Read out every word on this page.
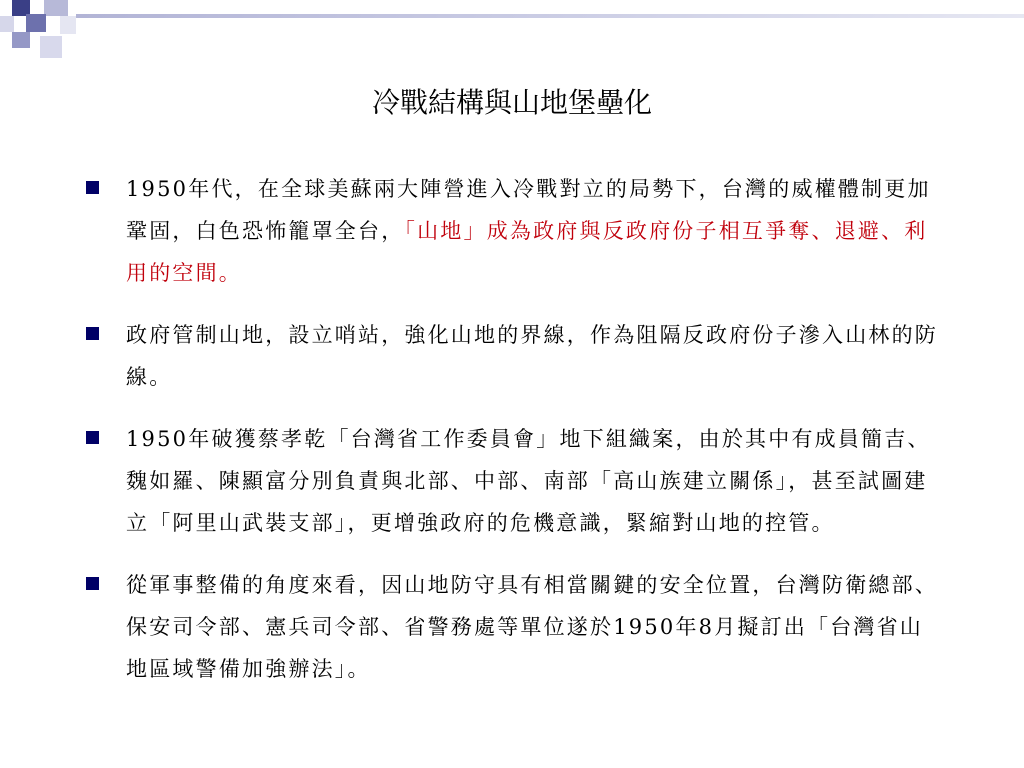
冷戰結構與山地堡壘化
1950年代，在全球美蘇兩大陣營進入冷戰對立的局勢下，台灣的威權體制更加鞏固，白色恐怖籠罩全台，「山地」成為政府與反政府份子相互爭奪、退避、利用的空間。
政府管制山地，設立哨站，強化山地的界線，作為阻隔反政府份子滲入山林的防線。
1950年破獲蔡孝乾「台灣省工作委員會」地下組織案，由於其中有成員簡吉、魏如羅、陳顯富分別負責與北部、中部、南部「高山族建立關係」，甚至試圖建立「阿里山武裝支部」，更增強政府的危機意識，緊縮對山地的控管。
從軍事整備的角度來看，因山地防守具有相當關鍵的安全位置，台灣防衛總部、保安司令部、憲兵司令部、省警務處等單位遂於1950年8月擬訂出「台灣省山地區域警備加強辦法」。
